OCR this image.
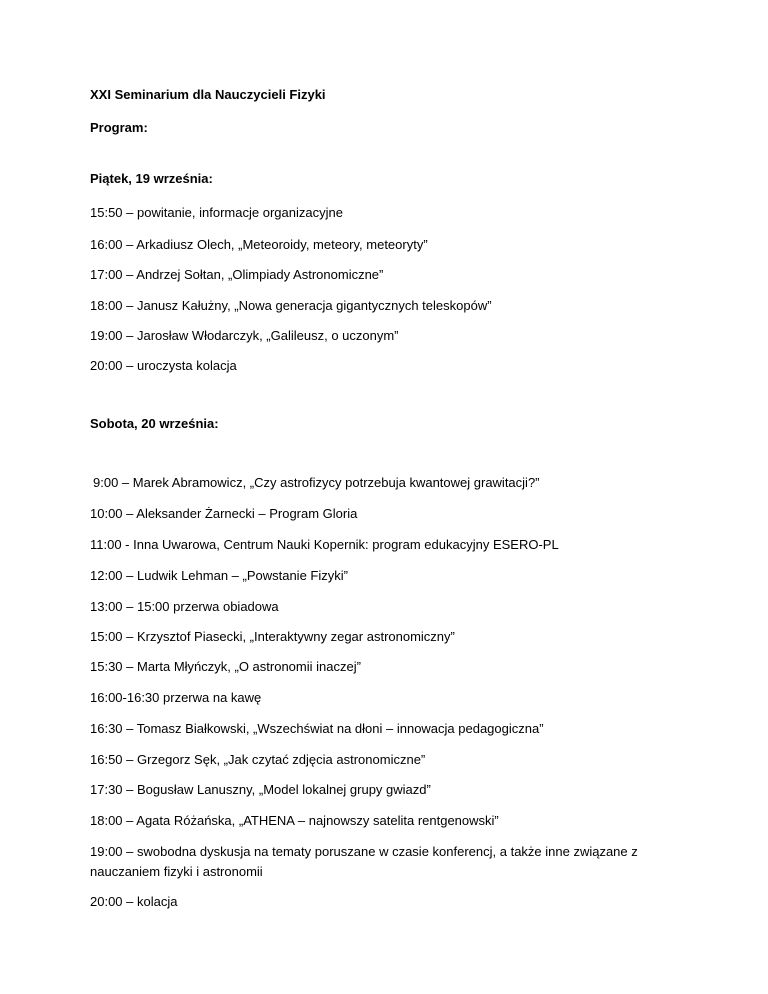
XXI Seminarium dla Nauczycieli Fizyki
Program:
Piątek, 19 września:
15:50 – powitanie, informacje organizacyjne
16:00 – Arkadiusz Olech, „Meteoroidy, meteory, meteoryty”
17:00 – Andrzej Sołtan, „Olimpiady Astronomiczne”
18:00 – Janusz Kałużny, „Nowa generacja gigantycznych teleskopów”
19:00 – Jarosław Włodarczyk, „Galileusz, o uczonym”
20:00 – uroczysta kolacja
Sobota, 20 września:
9:00 – Marek Abramowicz, „Czy astrofizycy potrzebuja kwantowej grawitacji?”
10:00 – Aleksander Żarnecki – Program Gloria
11:00 - Inna Uwarowa, Centrum Nauki Kopernik: program edukacyjny ESERO-PL
12:00 – Ludwik Lehman – „Powstanie Fizyki”
13:00 – 15:00 przerwa obiadowa
15:00 – Krzysztof Piasecki, „Interaktywny zegar astronomiczny”
15:30 – Marta Młyńczyk, „O astronomii inaczej”
16:00-16:30 przerwa na kawę
16:30 – Tomasz Białkowski, „Wszechświat na dłoni – innowacja pedagogiczna”
16:50 – Grzegorz Sęk, „Jak czytać zdjęcia astronomiczne”
17:30 – Bogusław Lanuszny, „Model lokalnej grupy gwiazd”
18:00 – Agata Różańska, „ATHENA – najnowszy satelita rentgenowski”
19:00 – swobodna dyskusja na tematy poruszane w czasie konferencj, a także inne związane z
nauczaniem fizyki i astronomii
20:00 – kolacja
